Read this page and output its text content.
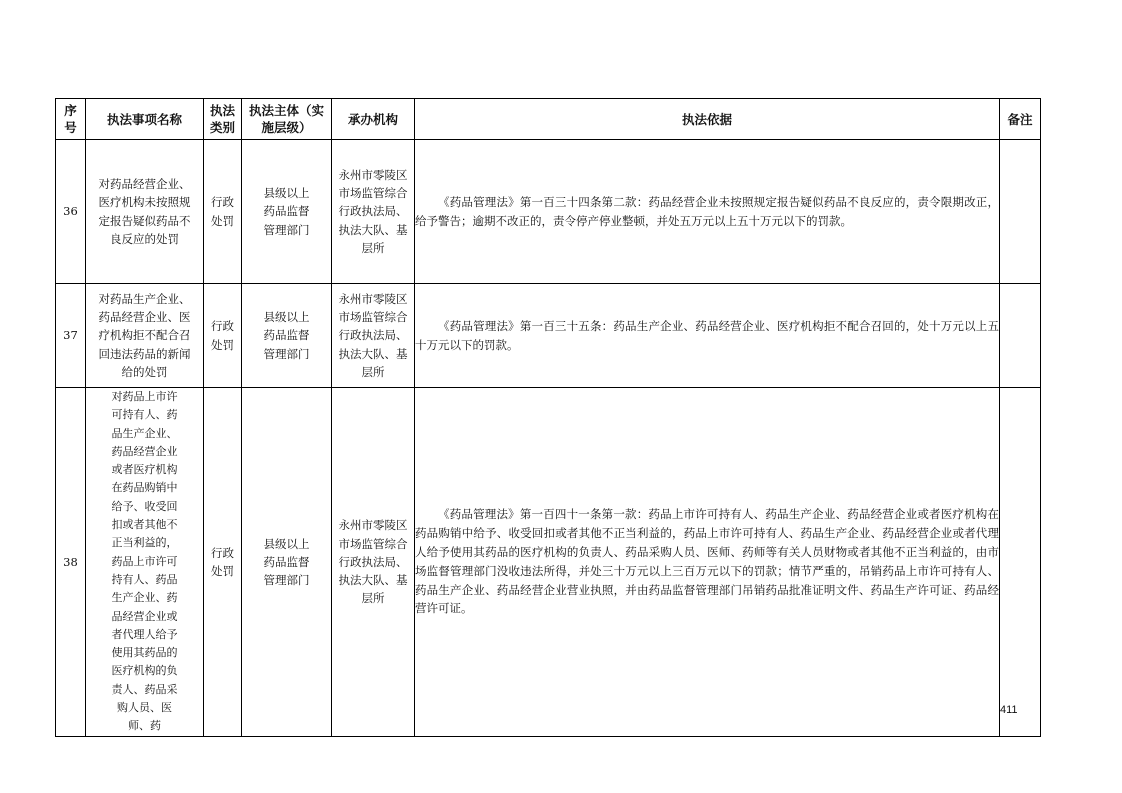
序号	执法事项名称	执法类别	执法主体（实施层级）	承办机构	执法依据	备注
36	对药品经营企业、医疗机构未按照规定报告疑似药品不良反应的处罚	行政处罚	县级以上药品监督管理部门	永州市零陵区市场监管综合行政执法局、执法大队、基层所	《药品管理法》第一百三十四条第二款：药品经营企业未按照规定报告疑似药品不良反应的，责令限期改正，给予警告；逾期不改正的，责令停产停业整顿，并处五万元以上五十万元以下的罚款。	
37	对药品生产企业、药品经营企业、医疗机构拒不配合召回违法药品的新闻给的处罚	行政处罚	县级以上药品监督管理部门	永州市零陵区市场监管综合行政执法局、执法大队、基层所	《药品管理法》第一百三十五条：药品生产企业、药品经营企业、医疗机构拒不配合召回的，处十万元以上五十万元以下的罚款。	
38	对药品上市许可持有人、药品生产企业、药品经营企业或者医疗机构在药品购销中给予、收受回扣或者其他不正当利益的，药品上市许可持有人、药品生产企业、药品经营企业或者代理人给予使用其药品的医疗机构的负责人、药品采购人员、医师、药	行政处罚	县级以上药品监督管理部门	永州市零陵区市场监管综合行政执法局、执法大队、基层所	《药品管理法》第一百四十一条第一款：药品上市许可持有人、药品生产企业、药品经营企业或者医疗机构在药品购销中给予、收受回扣或者其他不正当利益的，药品上市许可持有人、药品生产企业、药品经营企业或者代理人给予使用其药品的医疗机构的负责人、药品采购人员、医师、药师等有关人员财物或者其他不正当利益的，由市场监督管理部门没收违法所得，并处三十万元以上三百万元以下的罚款；情节严重的，吊销药品上市许可持有人、药品生产企业、药品经营企业营业执照，并由药品监督管理部门吊销药品批准证明文件、药品生产许可证、药品经营许可证。	
411
